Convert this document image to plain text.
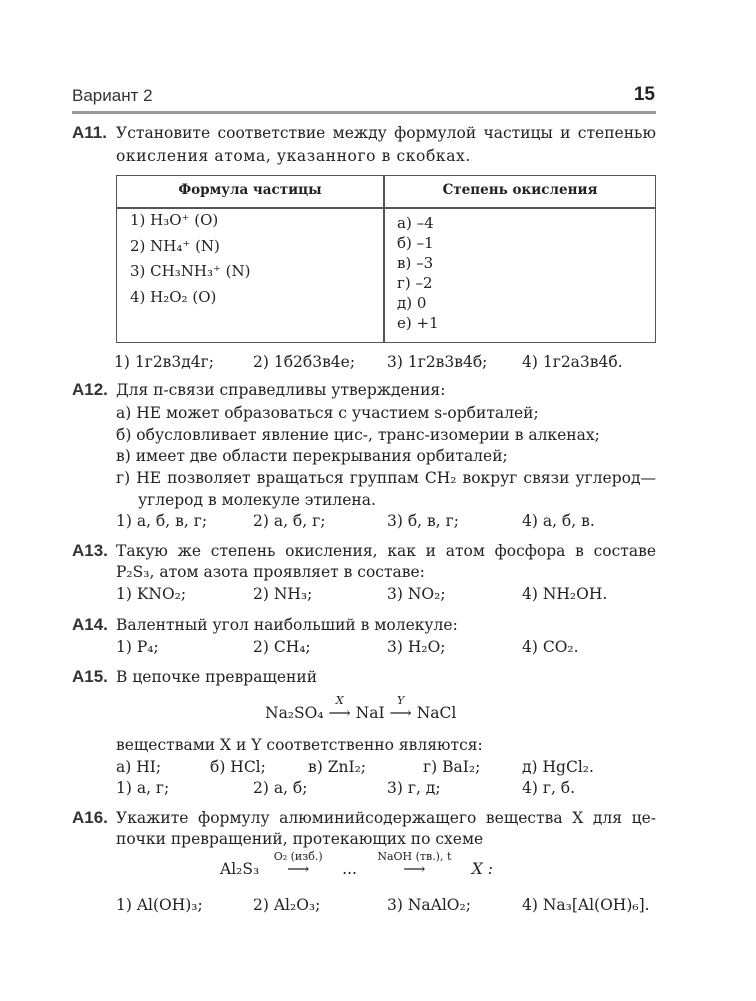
Вариант 2	15
А11. Установите соответствие между формулой частицы и степенью
окисления атома, указанного в скобках.
Формула частицы	Степень окисления
1) H₃O⁺ (O)
2) NH₄⁺ (N)
3) CH₃NH₃⁺ (N)
4) H₂O₂ (O)
а) –4
б) –1
в) –3
г) –2
д) 0
е) +1
1) 1г2в3д4г;	2) 1б2б3в4е; 3) 1г2в3в4б; 4) 1г2а3в4б.
А12. Для π-связи справедливы утверждения:
а) НЕ может образоваться с участием s-орбиталей;
б) обусловливает явление цис-, транс-изомерии в алкенах;
в) имеет две области перекрывания орбиталей;
г) НЕ позволяет вращаться группам CH₂ вокруг связи углерод—
углерод в молекуле этилена.
1) а, б, в, г;	2) а, б, г;	3) б, в, г;	4) а, б, в.
А13. Такую же степень окисления, как и атом фосфора в составе
P₂S₃, атом азота проявляет в составе:
1) KNO₂;	2) NH₃;	3) NO₂;	4) NH₂OH.
А14. Валентный угол наибольший в молекуле:
1) P₄;	2) CH₄;	3) H₂O;	4) CO₂.
А15. В цепочке превращений
Na₂SO₄
X
⟶ NaI
Y
⟶ NaCl
веществами X и Y соответственно являются:
а) HI;	б) HCl;	в) ZnI₂;	г) BaI₂;	д) HgCl₂.
1) а, г;	2) а, б;	3) г, д;	4) г, б.
А16. Укажите формулу алюминийсодержащего вещества X для це-
почки превращений, протекающих по схеме
Al₂S₃
O₂ (изб.)
⟶ ...
NaOH (тв.), t
⟶	X :
1) Al(OH)₃;	2) Al₂O₃;	3) NaAlO₂;	4) Na₃[Al(OH)₆].
